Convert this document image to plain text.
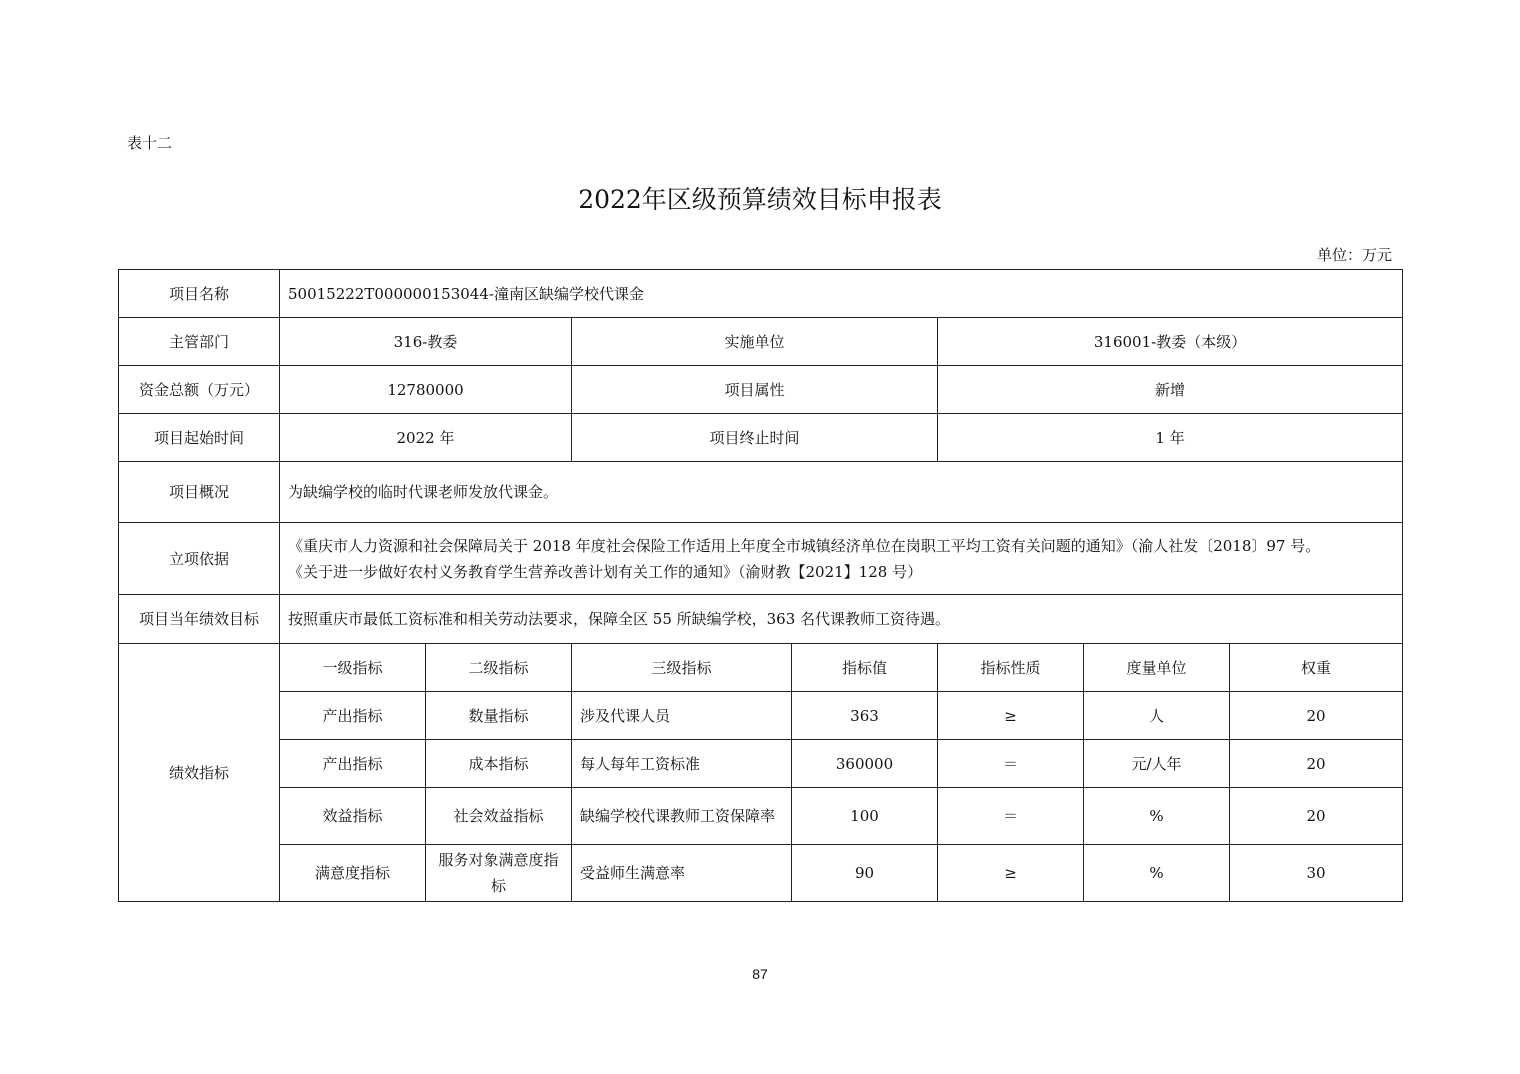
表十二
2022年区级预算绩效目标申报表
单位：万元
项目名称	50015222T000000153044-潼南区缺编学校代课金						
主管部门	316-教委		实施单位		316001-教委（本级）		
资金总额（万元）	12780000		项目属性		新增		
项目起始时间	2022 年		项目终止时间		1 年		
项目概况	为缺编学校的临时代课老师发放代课金。						
立项依据	《重庆市人力资源和社会保障局关于 2018 年度社会保险工作适用上年度全市城镇经济单位在岗职工平均工资有关问题的通知》（渝人社发〔2018〕97 号。
《关于进一步做好农村义务教育学生营养改善计划有关工作的通知》（渝财教【2021】128 号）						

项目当年绩效目标	按照重庆市最低工资标准和相关劳动法要求，保障全区 55 所缺编学校，363 名代课教师工资待遇。						
绩效指标	一级指标	二级指标	三级指标	指标值	指标性质	度量单位	权重
	产出指标	数量指标	涉及代课人员	363	≥	人	20
	产出指标	成本指标	每人每年工资标准	360000	＝	元/人年	20
	效益指标	社会效益指标	缺编学校代课教师工资保障率	100	＝	%	20
	满意度指标	服务对象满意度指标	受益师生满意率	90	≥	%	30
87
